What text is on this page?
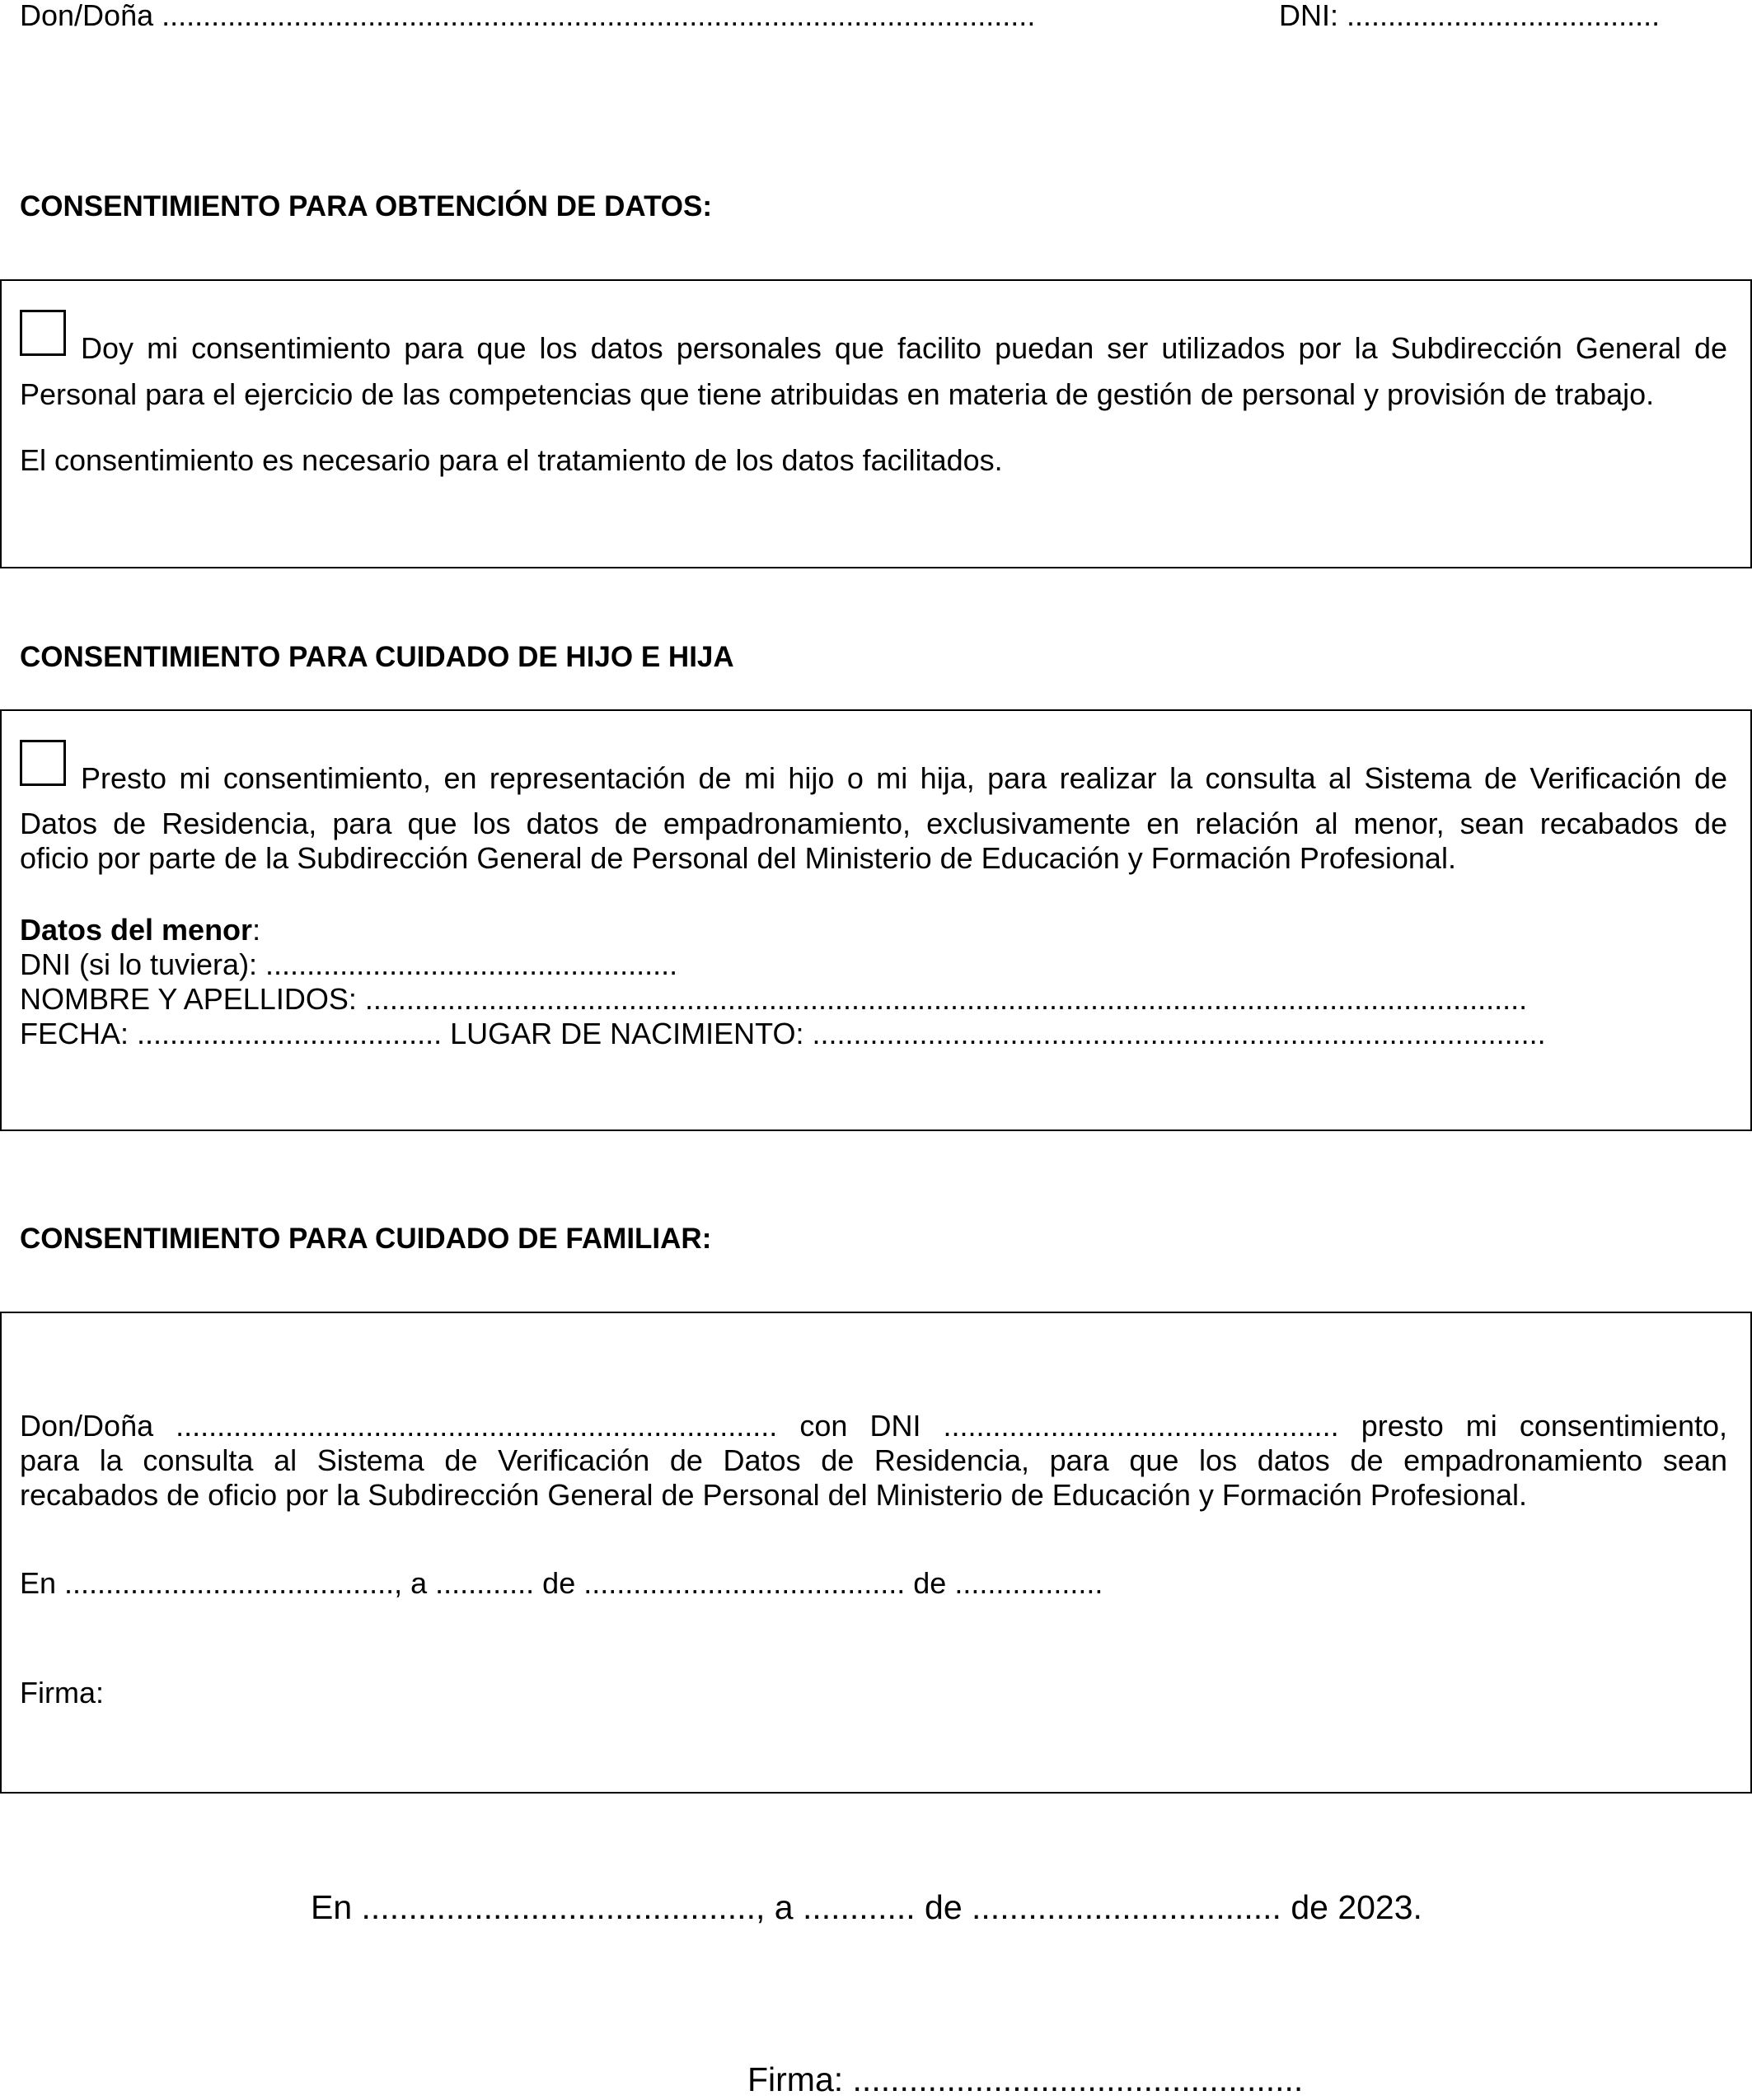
Don/Doña ..........................................................................................................	DNI: ......................................
CONSENTIMIENTO PARA OBTENCIÓN DE DATOS:
Doy mi consentimiento para que los datos personales que facilito puedan ser utilizados por la Subdirección General de
Personal para el ejercicio de las competencias que tiene atribuidas en materia de gestión de personal y provisión de trabajo.
El consentimiento es necesario para el tratamiento de los datos facilitados.
CONSENTIMIENTO PARA CUIDADO DE HIJO E HIJA
Presto mi consentimiento, en representación de mi hijo o mi hija, para realizar la consulta al Sistema de Verificación de
Datos de Residencia, para que los datos de empadronamiento, exclusivamente en relación al menor, sean recabados de
oficio por parte de la Subdirección General de Personal del Ministerio de Educación y Formación Profesional.
Datos del menor:
DNI (si lo tuviera): ..................................................
NOMBRE Y APELLIDOS: .............................................................................................................................................
FECHA: ..................................... LUGAR DE NACIMIENTO: .........................................................................................
CONSENTIMIENTO PARA CUIDADO DE FAMILIAR:
Don/Doña ......................................................................... con DNI ................................................ presto mi consentimiento,
para la consulta al Sistema de Verificación de Datos de Residencia, para que los datos de empadronamiento sean
recabados de oficio por la Subdirección General de Personal del Ministerio de Educación y Formación Profesional.
En ........................................, a ............ de ....................................... de ..................
Firma:
En .........................................., a ............ de ................................. de 2023.
Firma: ................................................
